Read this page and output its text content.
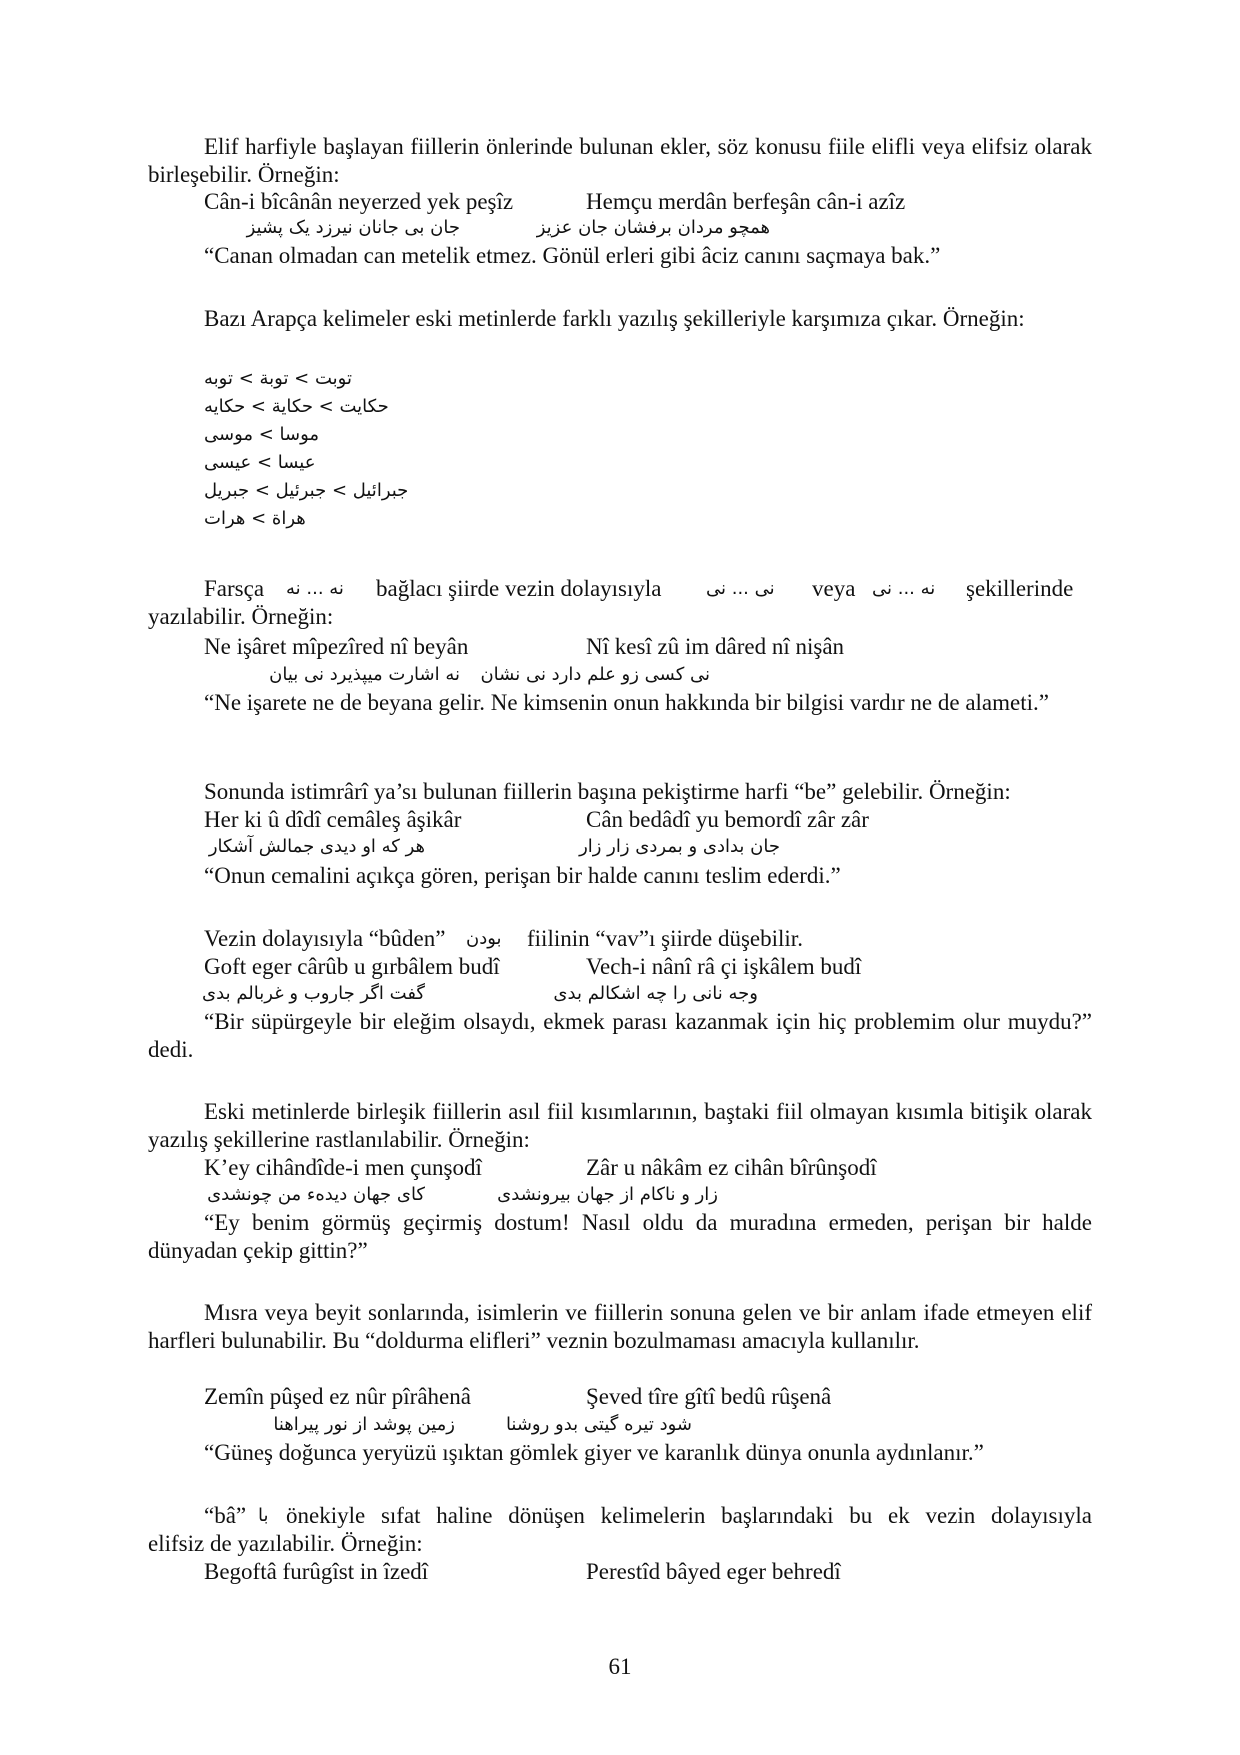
Elif harfiyle başlayan fiillerin önlerinde bulunan ekler, söz konusu fiile elifli veya elifsiz olarak birleşebilir. Örneğin:

Cân-i bîcânân neyerzed yek peşîz	Hemçu merdân berfeşân cân-i azîz
جان بی جانان نیرزد یک پشیز	همچو مردان برفشان جان عزیز
“Canan olmadan can metelik etmez. Gönül erleri gibi âciz canını saçmaya bak.”

Bazı Arapça kelimeler eski metinlerde farklı yazılış şekilleriyle karşımıza çıkar. Örneğin:

توبت > توبة > توبه
حکایت > حكاية > حکایه
موسا > موسى
عیسا > عیسى
جبرائیل > جبرئیل > جبریل
هراة > هرات
Farsça نه ... نه bağlacı şiirde vezin dolayısıyla نی ... نی veya نه ... نی şekillerinde
yazılabilir. Örneğin:
Ne işâret mîpezîred nî beyân	Nî kesî zû im dâred nî nişân
نه اشارت میپذیرد نی بیان نی کسی زو علم دارد نی نشان

“Ne işarete ne de beyana gelir. Ne kimsenin onun hakkında bir bilgisi vardır ne de alameti.”

Sonunda istimrârî ya’sı bulunan fiillerin başına pekiştirme harfi “be” gelebilir. Örneğin:

Her ki û dîdî cemâleş âşikâr	Cân bedâdî yu bemordî zâr zâr
هر که او دیدی جمالش آشکار	جان بدادی و بمردی زار زار
“Onun cemalini açıkça gören, perişan bir halde canını teslim ederdi.”
Vezin dolayısıyla “bûden” بودن fiilinin “vav”ı şiirde düşebilir.
Goft eger cârûb u gırbâlem budî	Vech-i nânî râ çi işkâlem budî
گفت اگر جاروب و غربالم بدی	وجه نانی را چه اشکالم بدی

“Bir süpürgeyle bir eleğim olsaydı, ekmek parası kazanmak için hiç problemim olur muydu?” dedi.

Eski metinlerde birleşik fiillerin asıl fiil kısımlarının, baştaki fiil olmayan kısımla bitişik olarak yazılış şekillerine rastlanılabilir. Örneğin:

K’ey cihândîde-i men çunşodî	Zâr u nâkâm ez cihân bîrûnşodî
کای جهان دیدهء من چونشدی	زار و ناکام از جهان بیرونشدی

“Ey benim görmüş geçirmiş dostum! Nasıl oldu da muradına ermeden, perişan bir halde dünyadan çekip gittin?”

Mısra veya beyit sonlarında, isimlerin ve fiillerin sonuna gelen ve bir anlam ifade etmeyen elif harfleri bulunabilir. Bu “doldurma elifleri” veznin bozulmaması amacıyla kullanılır.

Zemîn pûşed ez nûr pîrâhenâ	Şeved tîre gîtî bedû rûşenâ
زمین پوشد از نور پیراهنا	شود تیره گیتی بدو روشنا
“Güneş doğunca yeryüzü ışıktan gömlek giyer ve karanlık dünya onunla aydınlanır.”
“bâ” با önekiyle sıfat haline dönüşen kelimelerin başlarındaki bu ek vezin dolayısıyla
elifsiz de yazılabilir. Örneğin:
Begoftâ furûgîst in îzedî	Perestîd bâyed eger behredî
61
